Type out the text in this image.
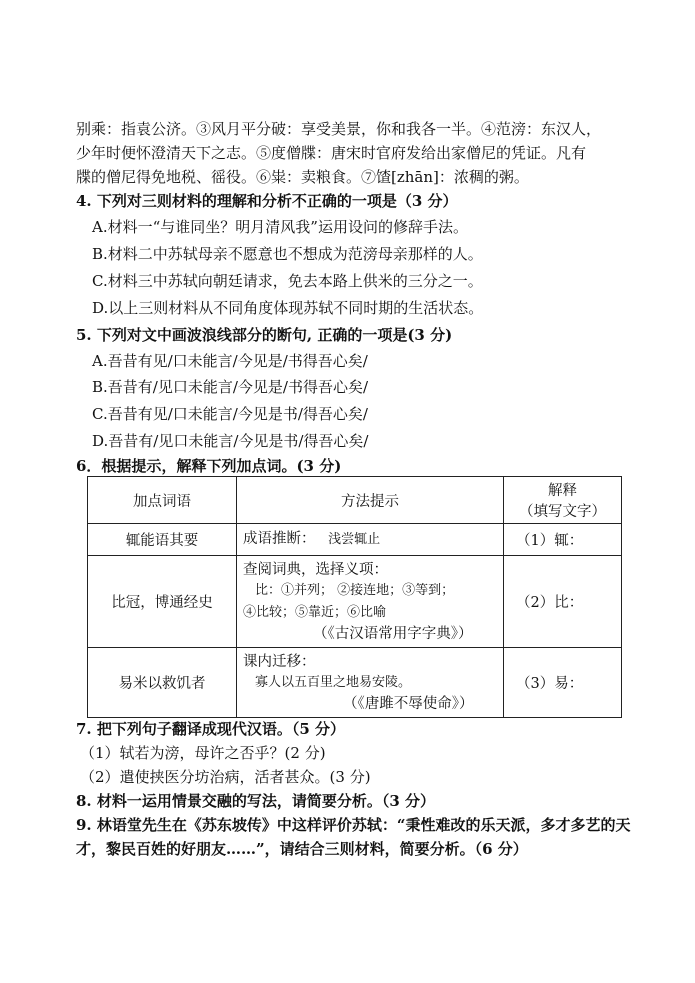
别乘：指袁公济。③风月平分破：享受美景，你和我各一半。④范滂：东汉人，
少年时便怀澄清天下之志。⑤度僧牒：唐宋时官府发给出家僧尼的凭证。凡有
牒的僧尼得免地税、徭役。⑥粜：卖粮食。⑦馇[zhān]：浓稠的粥。
4. 下列对三则材料的理解和分析不正确的一项是（3 分）
A.材料一“与谁同坐？明月清风我”运用设问的修辞手法。
B.材料二中苏轼母亲不愿意也不想成为范滂母亲那样的人。
C.材料三中苏轼向朝廷请求，免去本路上供米的三分之一。
D.以上三则材料从不同角度体现苏轼不同时期的生活状态。
5. 下列对文中画波浪线部分的断句, 正确的一项是(3 分)
A.吾昔有见/口未能言/今见是/书得吾心矣/
B.吾昔有/见口未能言/今见是/书得吾心矣/
C.吾昔有见/口未能言/今见是书/得吾心矣/
D.吾昔有/见口未能言/今见是书/得吾心矣/
6．根据提示，解释下列加点词。(3 分)
加点词语	方法提示	解释
（填写文字）

辄能语其要	成语推断： 浅尝辄止	（1）辄：
比冠，博通经史	查阅词典，选择义项：
比：①并列； ②接连地；③等到；
④比较；⑤靠近；⑥比喻
（《古汉语常用字字典》）	（2）比：
易米以救饥者	课内迁移：
寡人以五百里之地易安陵。
（《唐雎不辱使命》）	（3）易：
7. 把下列句子翻译成现代汉语。（5 分）
（1）轼若为滂，母许之否乎？(2 分)
（2）遣使挟医分坊治病，活者甚众。(3 分)
8. 材料一运用情景交融的写法，请简要分析。（3 分）
9. 林语堂先生在《苏东坡传》中这样评价苏轼：“秉性难改的乐天派，多才多艺的天
才，黎民百姓的好朋友……”，请结合三则材料，简要分析。（6 分）
